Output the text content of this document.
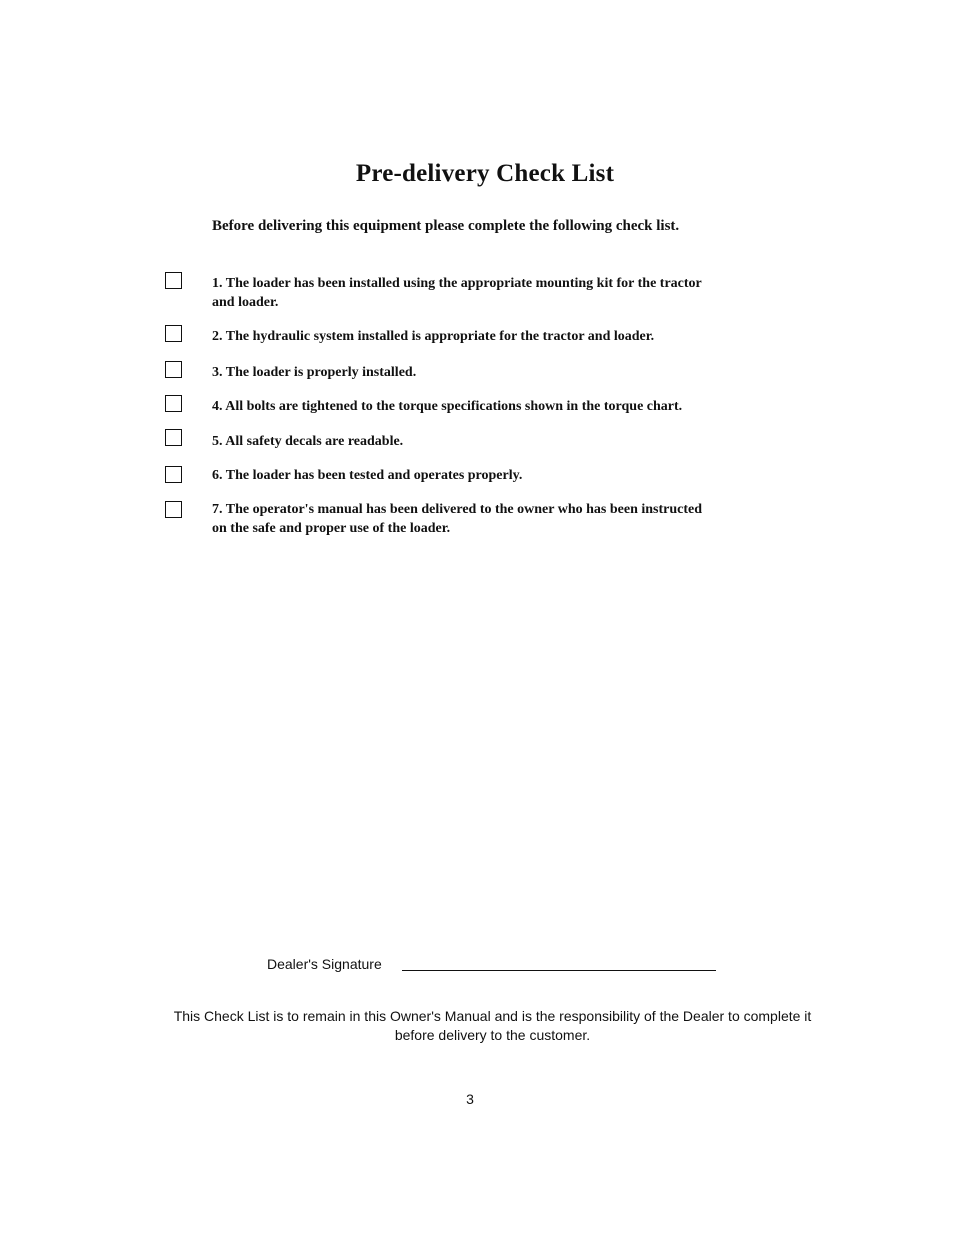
Pre-delivery Check List
Before delivering this equipment please complete the following check list.
1. The loader has been installed using the appropriate mounting kit for the tractor and loader.
2. The hydraulic system installed is appropriate for the tractor and loader.
3. The loader is properly installed.
4. All bolts are tightened to the torque specifications shown in the torque chart.
5. All safety decals are readable.
6. The loader has been tested and operates properly.
7. The operator's manual has been delivered to the owner who has been instructed on the safe and proper use of the loader.
Dealer's Signature
This Check List is to remain in this Owner's Manual and is the responsibility of the Dealer to complete it before delivery to the customer.
3
